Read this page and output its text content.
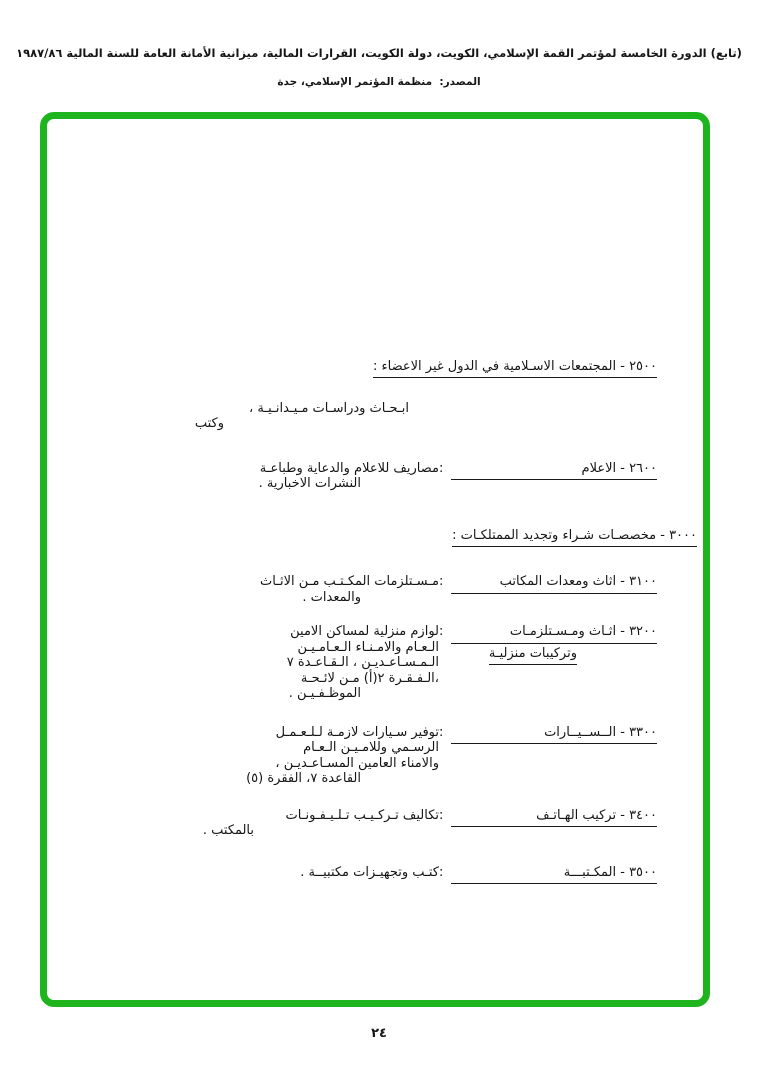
(تابع) الدورة الخامسة لمؤتمر القمة الإسلامي، الكويت، دولة الكويت، القرارات المالية، ميزانية الأمانة العامة للسنة المالية ١٩٨٧/٨٦
المصدر:  منظمة المؤتمر الإسلامي، جدة
٢٥٠٠ - المجتمعات الاسـلامية في الدول غير الاعضاء :
ابـحـاث ودراسـات مـيـدانـيـة ،
وكتب
٢٦٠٠ - الاعلام
:
مصاريف للاعلام والدعاية وطباعـة
النشرات الاخبارية .
٣٠٠٠ - مخصصـات شـراء وتجديد الممتلكـات :
٣١٠٠ - اثاث ومعدات المكاتب
:
مـسـتلزمات المكـتـب مـن الاثـاث
والمعدات .
٣٢٠٠ - اثـاث ومـسـتلزمـات
:
وتركيبات منزليـة
لوازم منزلية لمساكن الامين
الـعـام والامـنـاء الـعـامـيـن
الـمـسـاعـديـن ، الـقـاعـدة ٧
،الـفـقـرة ٢(أ) مـن لائـحـة
الموظـفـيـن .
٣٣٠٠ - الــســيــارات
:
توفير سـيارات لازمـة لـلـعـمـل
الرسـمي وللامـيـن الـعـام
والامناء العامين المسـاعـديـن ،
القاعدة ٧، الفقرة (٥)
٣٤٠٠ - تركيب الهـاتـف
:
تكاليف تـركـيـب تـلـيـفـونـات
بالمكتب .
٣٥٠٠ - المكـتبـــة
:
كتـب وتجهيـزات مكتبيــة .
٢٤
